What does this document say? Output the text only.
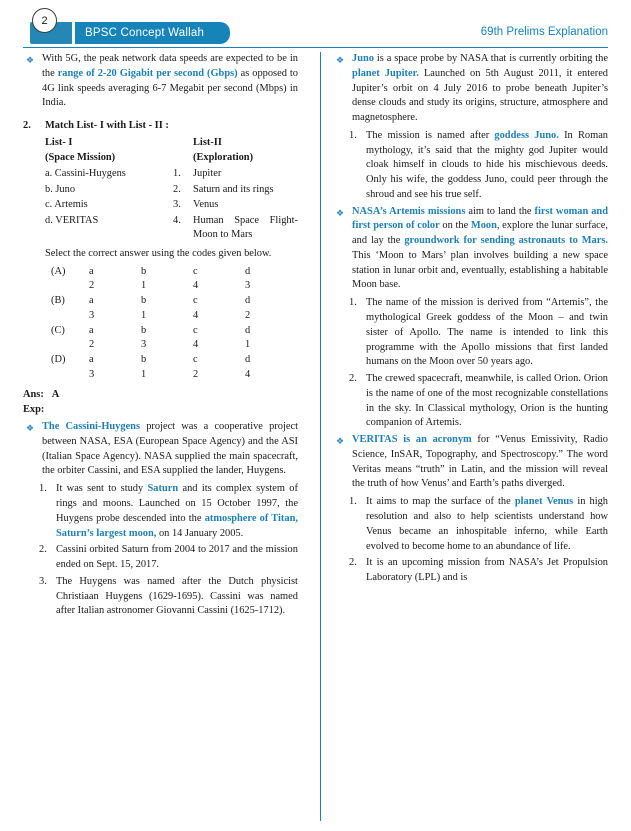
BPSC Concept Wallah
2
69th Prelims Explanation
❖ With 5G, the peak network data speeds are expected to be in the range of 2-20 Gigabit per second (Gbps) as opposed to 4G link speeds averaging 6-7 Megabit per second (Mbps) in India.
2.	Match List- I with List - II :
List- I		List-II
(Space Mission)		(Exploration)
a. Cassini-Huygens	1.	Jupiter
b. Juno	2.	Saturn and its rings
c. Artemis	3.	Venus
d. VERITAS	4.	Human Space Flight- Moon to Mars
Select the correct answer using the codes given below.
(A)	a	b	c	d
2	1	4	3
(B)	a	b	c	d
3	1	4	2
(C)	a	b	c	d
2	3	4	1
(D)	a	b	c	d
3	1	2	4
Ans: A
Exp:
❖ The Cassini-Huygens project was a cooperative project between NASA, ESA (European Space Agency) and the ASI (Italian Space Agency). NASA supplied the main spacecraft, the orbiter Cassini, and ESA supplied the lander, Huygens.
1. It was sent to study Saturn and its complex system of rings and moons. Launched on 15 October 1997, the Huygens probe descended into the atmosphere of Titan, Saturn’s largest moon, on 14 January 2005.
2. Cassini orbited Saturn from 2004 to 2017 and the mission ended on Sept. 15, 2017.
3. The Huygens was named after the Dutch physicist Christiaan Huygens (1629-1695). Cassini was named after Italian astronomer Giovanni Cassini (1625-1712).
❖ Juno is a space probe by NASA that is currently orbiting the planet Jupiter. Launched on 5th August 2011, it entered Jupiter’s orbit on 4 July 2016 to probe beneath Jupiter’s dense clouds and study its origins, structure, atmosphere and magnetosphere.
1. The mission is named after goddess Juno. In Roman mythology, it’s said that the mighty god Jupiter would cloak himself in clouds to hide his mischievous deeds. Only his wife, the goddess Juno, could peer through the shroud and see his true self.
❖ NASA’s Artemis missions aim to land the first woman and first person of color on the Moon, explore the lunar surface, and lay the groundwork for sending astronauts to Mars. This ‘Moon to Mars’ plan involves building a new space station in lunar orbit and, eventually, establishing a habitable Moon base.
1. The name of the mission is derived from “Artemis”, the mythological Greek goddess of the Moon – and twin sister of Apollo. The name is intended to link this programme with the Apollo missions that first landed humans on the Moon over 50 years ago.
2. The crewed spacecraft, meanwhile, is called Orion. Orion is the name of one of the most recognizable constellations in the sky. In Classical mythology, Orion is the hunting companion of Artemis.
❖ VERITAS is an acronym for “Venus Emissivity, Radio Science, InSAR, Topography, and Spectroscopy.” The word Veritas means “truth” in Latin, and the mission will reveal the truth of how Venus’ and Earth’s paths diverged.
1. It aims to map the surface of the planet Venus in high resolution and also to help scientists understand how Venus became an inhospitable inferno, while Earth evolved to become home to an abundance of life.
2. It is an upcoming mission from NASA’s Jet Propulsion Laboratory (LPL) and is
